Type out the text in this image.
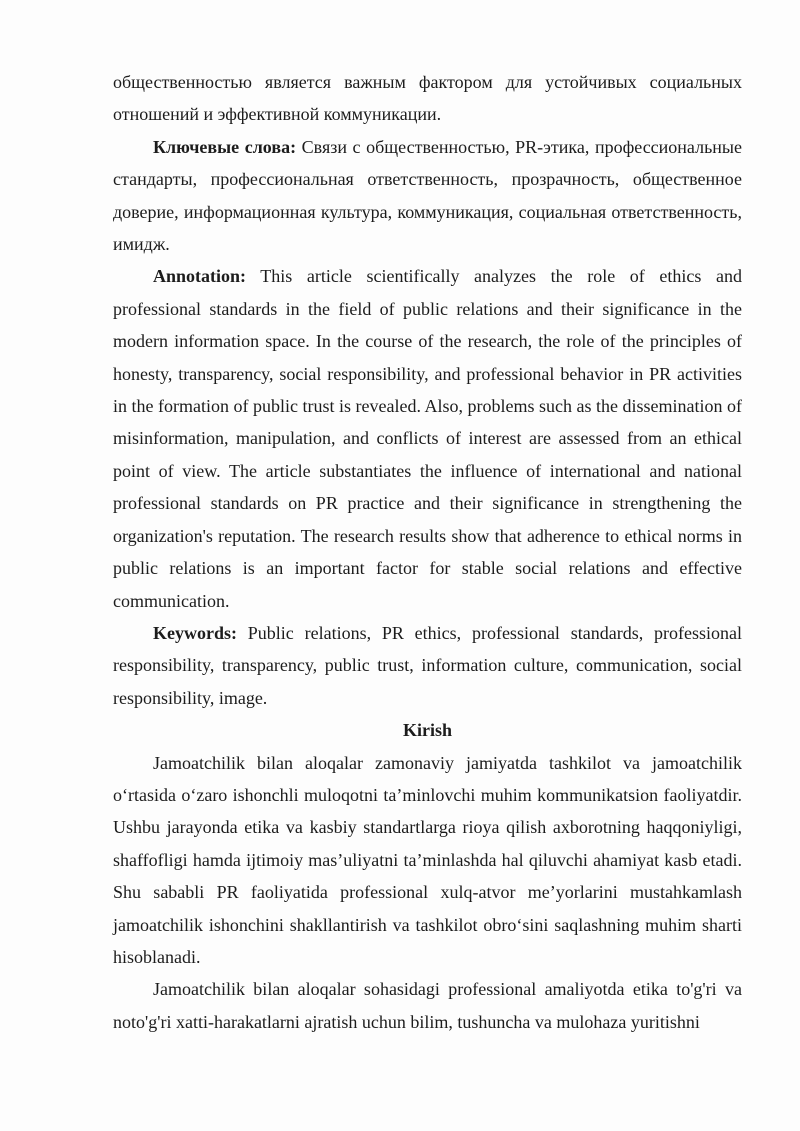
общественностью является важным фактором для устойчивых социальных отношений и эффективной коммуникации.

Ключевые слова: Связи с общественностью, PR-этика, профессиональные стандарты, профессиональная ответственность, прозрачность, общественное доверие, информационная культура, коммуникация, социальная ответственность, имидж.

Annotation: This article scientifically analyzes the role of ethics and professional standards in the field of public relations and their significance in the modern information space. In the course of the research, the role of the principles of honesty, transparency, social responsibility, and professional behavior in PR activities in the formation of public trust is revealed. Also, problems such as the dissemination of misinformation, manipulation, and conflicts of interest are assessed from an ethical point of view. The article substantiates the influence of international and national professional standards on PR practice and their significance in strengthening the organization's reputation. The research results show that adherence to ethical norms in public relations is an important factor for stable social relations and effective communication.

Keywords: Public relations, PR ethics, professional standards, professional responsibility, transparency, public trust, information culture, communication, social responsibility, image.

Kirish

Jamoatchilik bilan aloqalar zamonaviy jamiyatda tashkilot va jamoatchilik oʻrtasida oʻzaro ishonchli muloqotni ta’minlovchi muhim kommunikatsion faoliyatdir. Ushbu jarayonda etika va kasbiy standartlarga rioya qilish axborotning haqqoniyligi, shaffofligi hamda ijtimoiy mas’uliyatni ta’minlashda hal qiluvchi ahamiyat kasb etadi. Shu sababli PR faoliyatida professional xulq-atvor me’yorlarini mustahkamlash jamoatchilik ishonchini shakllantirish va tashkilot obroʻsini saqlashning muhim sharti hisoblanadi.

Jamoatchilik bilan aloqalar sohasidagi professional amaliyotda etika to'g'ri va noto'g'ri xatti-harakatlarni ajratish uchun bilim, tushuncha va mulohaza yuritishni
